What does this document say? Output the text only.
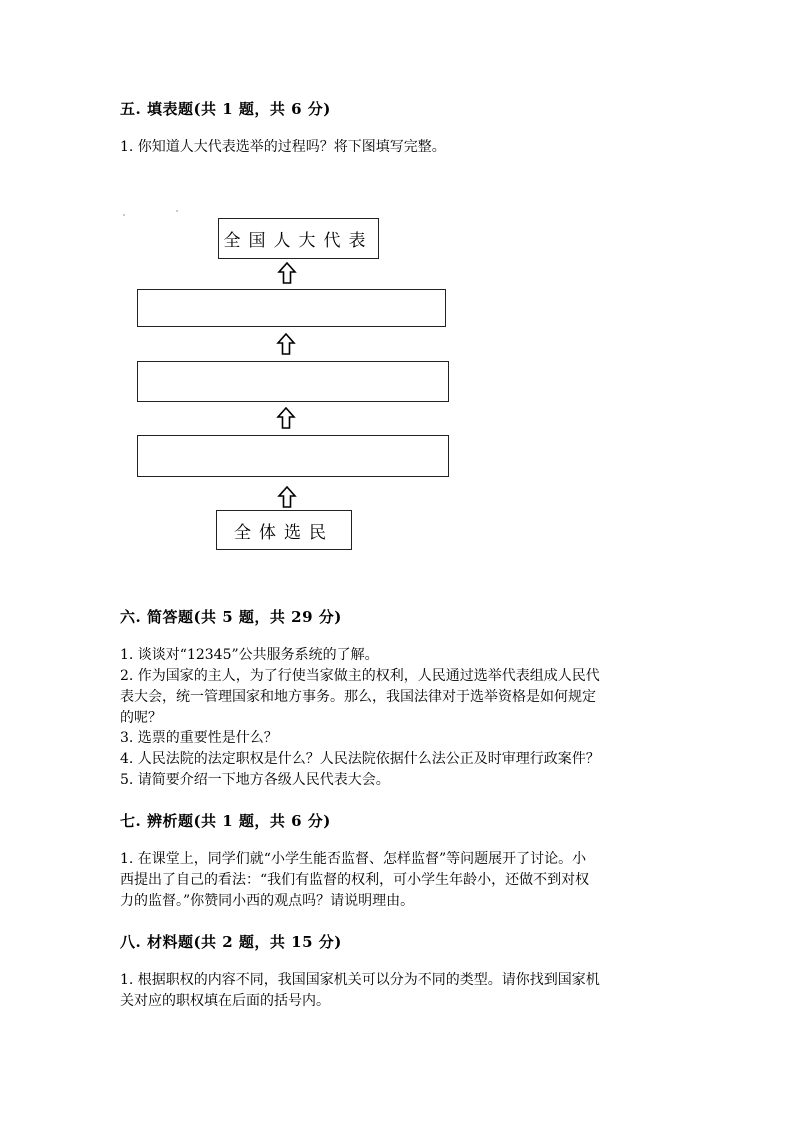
五. 填表题(共 1 题，共 6 分)
1. 你知道人大代表选举的过程吗？将下图填写完整。
全国人大代表
全体选民
六. 简答题(共 5 题，共 29 分)
1. 谈谈对“12345”公共服务系统的了解。
2. 作为国家的主人，为了行使当家做主的权利，人民通过选举代表组成人民代
表大会，统一管理国家和地方事务。那么，我国法律对于选举资格是如何规定
的呢？
3. 选票的重要性是什么？
4. 人民法院的法定职权是什么？人民法院依据什么法公正及时审理行政案件？
5. 请简要介绍一下地方各级人民代表大会。
七. 辨析题(共 1 题，共 6 分)
1. 在课堂上，同学们就“小学生能否监督、怎样监督”等问题展开了讨论。小
西提出了自己的看法：“我们有监督的权利，可小学生年龄小，还做不到对权
力的监督。”你赞同小西的观点吗？请说明理由。
八. 材料题(共 2 题，共 15 分)
1. 根据职权的内容不同，我国国家机关可以分为不同的类型。请你找到国家机
关对应的职权填在后面的括号内。
